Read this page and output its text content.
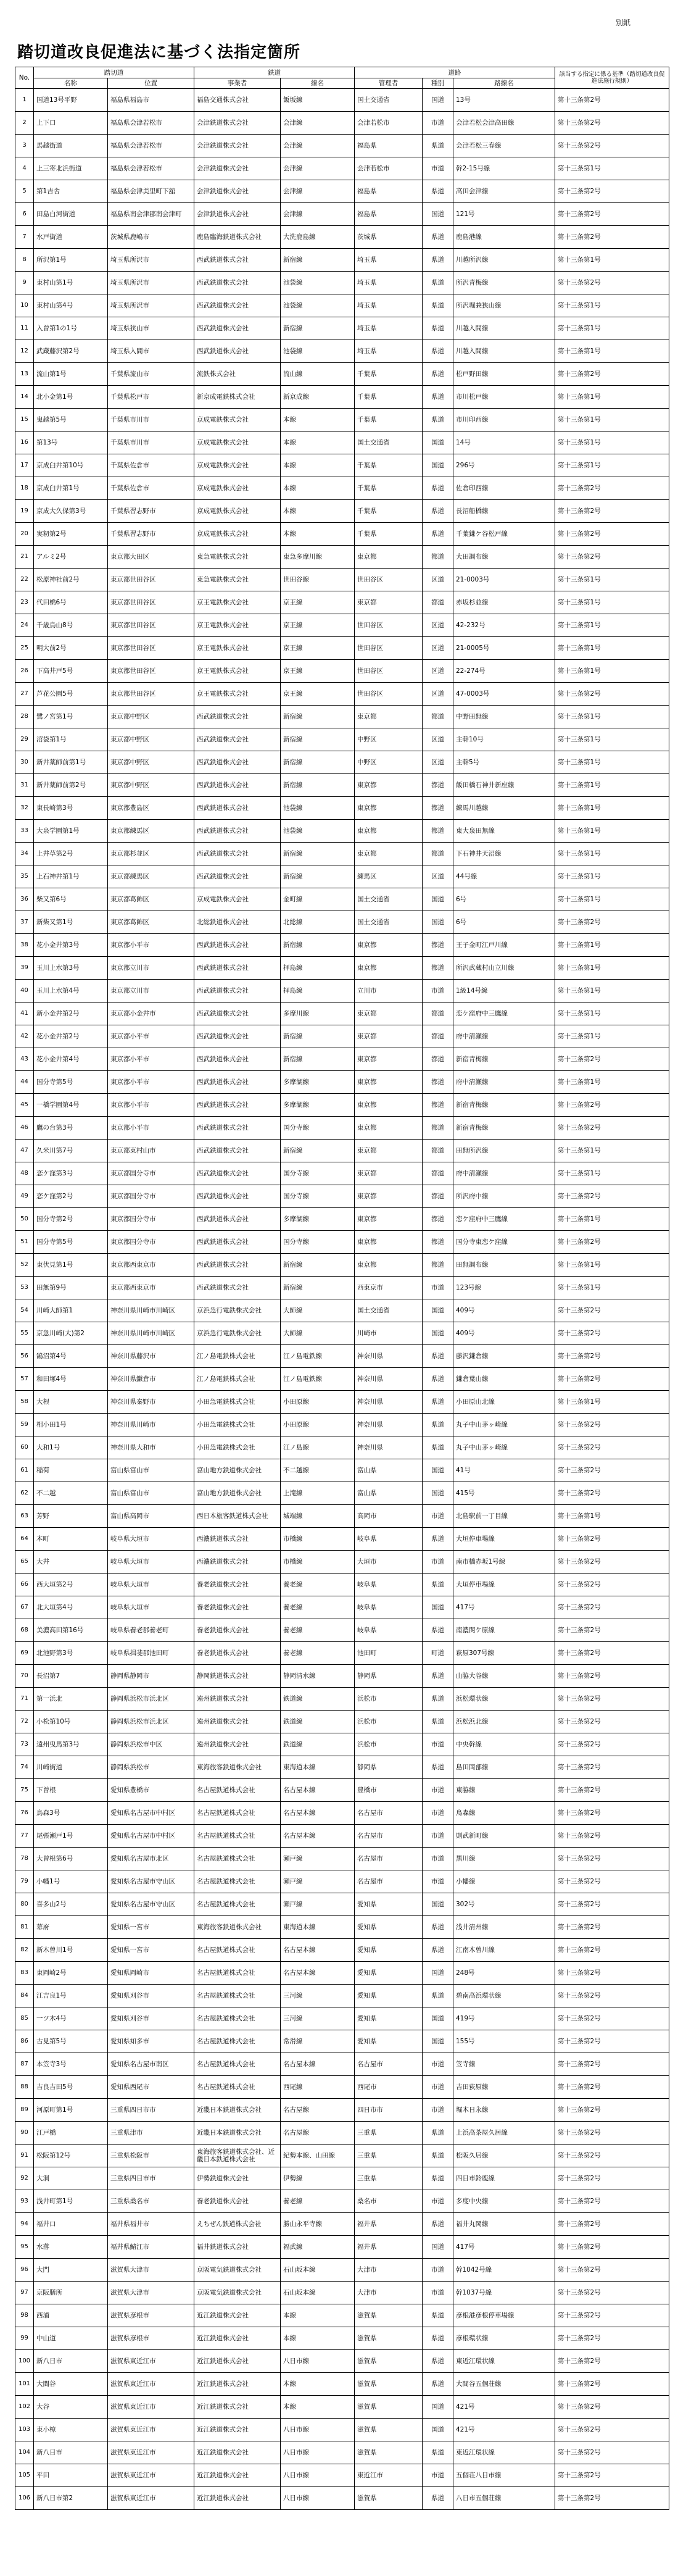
別紙
踏切道改良促進法に基づく法指定箇所
No.	踏切道		鉄道		道路			該当する指定に係る基準（踏切道改良促進法施行規則）
	名称	位置	事業者	線名	管理者	種別	路線名	
1	国道13号平野	福島県福島市	福島交通株式会社	飯坂線	国土交通省	国道	13号	第十三条第2号
2	上下口	福島県会津若松市	会津鉄道株式会社	会津線	会津若松市	市道	会津若松会津高田線	第十三条第2号
3	馬越街道	福島県会津若松市	会津鉄道株式会社	会津線	福島県	県道	会津若松三春線	第十三条第2号
4	上三寄北浜街道	福島県会津若松市	会津鉄道株式会社	会津線	会津若松市	市道	幹2-15号線	第十三条第1号
5	第1吉舎	福島県会津美里町下舘	会津鉄道株式会社	会津線	福島県	県道	高田会津線	第十三条第2号
6	田島白河街道	福島県南会津郡南会津町	会津鉄道株式会社	会津線	福島県	国道	121号	第十三条第2号
7	水戸街道	茨城県鹿嶋市	鹿島臨海鉄道株式会社	大洗鹿島線	茨城県	県道	鹿島港線	第十三条第2号
8	所沢第1号	埼玉県所沢市	西武鉄道株式会社	新宿線	埼玉県	県道	川越所沢線	第十三条第1号
9	東村山第1号	埼玉県所沢市	西武鉄道株式会社	池袋線	埼玉県	県道	所沢青梅線	第十三条第2号
10	東村山第4号	埼玉県所沢市	西武鉄道株式会社	池袋線	埼玉県	県道	所沢堀兼狭山線	第十三条第1号
11	入曽第1の1号	埼玉県狭山市	西武鉄道株式会社	新宿線	埼玉県	県道	川越入間線	第十三条第1号
12	武蔵藤沢第2号	埼玉県入間市	西武鉄道株式会社	池袋線	埼玉県	県道	川越入間線	第十三条第1号
13	流山第1号	千葉県流山市	流鉄株式会社	流山線	千葉県	県道	松戸野田線	第十三条第2号
14	北小金第1号	千葉県松戸市	新京成電鉄株式会社	新京成線	千葉県	県道	市川松戸線	第十三条第1号
15	鬼越第5号	千葉県市川市	京成電鉄株式会社	本線	千葉県	県道	市川印西線	第十三条第1号
16	第13号	千葉県市川市	京成電鉄株式会社	本線	国土交通省	国道	14号	第十三条第1号
17	京成臼井第10号	千葉県佐倉市	京成電鉄株式会社	本線	千葉県	国道	296号	第十三条第1号
18	京成臼井第1号	千葉県佐倉市	京成電鉄株式会社	本線	千葉県	県道	佐倉印西線	第十三条第2号
19	京成大久保第3号	千葉県習志野市	京成電鉄株式会社	本線	千葉県	県道	長沼船橋線	第十三条第2号
20	実籾第2号	千葉県習志野市	京成電鉄株式会社	本線	千葉県	県道	千葉鎌ケ谷松戸線	第十三条第2号
21	アルミ2号	東京都大田区	東急電鉄株式会社	東急多摩川線	東京都	都道	大田調布線	第十三条第2号
22	松原神社前2号	東京都世田谷区	東急電鉄株式会社	世田谷線	世田谷区	区道	21-0003号	第十三条第1号
23	代田橋6号	東京都世田谷区	京王電鉄株式会社	京王線	東京都	都道	赤坂杉並線	第十三条第1号
24	千歳烏山8号	東京都世田谷区	京王電鉄株式会社	京王線	世田谷区	区道	42-232号	第十三条第1号
25	明大前2号	東京都世田谷区	京王電鉄株式会社	京王線	世田谷区	区道	21-0005号	第十三条第1号
26	下高井戸5号	東京都世田谷区	京王電鉄株式会社	京王線	世田谷区	区道	22-274号	第十三条第1号
27	芦花公園5号	東京都世田谷区	京王電鉄株式会社	京王線	世田谷区	区道	47-0003号	第十三条第2号
28	鷺ノ宮第1号	東京都中野区	西武鉄道株式会社	新宿線	東京都	都道	中野田無線	第十三条第1号
29	沼袋第1号	東京都中野区	西武鉄道株式会社	新宿線	中野区	区道	主幹10号	第十三条第1号
30	新井薬師前第1号	東京都中野区	西武鉄道株式会社	新宿線	中野区	区道	主幹5号	第十三条第1号
31	新井薬師前第2号	東京都中野区	西武鉄道株式会社	新宿線	東京都	都道	飯田橋石神井新座線	第十三条第1号
32	東長崎第3号	東京都豊島区	西武鉄道株式会社	池袋線	東京都	都道	練馬川越線	第十三条第1号
33	大泉学園第1号	東京都練馬区	西武鉄道株式会社	池袋線	東京都	都道	東大泉田無線	第十三条第1号
34	上井草第2号	東京都杉並区	西武鉄道株式会社	新宿線	東京都	都道	下石神井天沼線	第十三条第1号
35	上石神井第1号	東京都練馬区	西武鉄道株式会社	新宿線	練馬区	区道	44号線	第十三条第1号
36	柴又第6号	東京都葛飾区	京成電鉄株式会社	金町線	国土交通省	国道	6号	第十三条第1号
37	新柴又第1号	東京都葛飾区	北総鉄道株式会社	北総線	国土交通省	国道	6号	第十三条第2号
38	花小金井第3号	東京都小平市	西武鉄道株式会社	新宿線	東京都	都道	王子金町江戸川線	第十三条第1号
39	玉川上水第3号	東京都立川市	西武鉄道株式会社	拝島線	東京都	都道	所沢武蔵村山立川線	第十三条第1号
40	玉川上水第4号	東京都立川市	西武鉄道株式会社	拝島線	立川市	市道	1級14号線	第十三条第1号
41	新小金井第2号	東京都小金井市	西武鉄道株式会社	多摩川線	東京都	都道	恋ケ窪府中三鷹線	第十三条第1号
42	花小金井第2号	東京都小平市	西武鉄道株式会社	新宿線	東京都	都道	府中清瀬線	第十三条第1号
43	花小金井第4号	東京都小平市	西武鉄道株式会社	新宿線	東京都	都道	新宿青梅線	第十三条第2号
44	国分寺第5号	東京都小平市	西武鉄道株式会社	多摩湖線	東京都	都道	府中清瀬線	第十三条第1号
45	一橋学園第4号	東京都小平市	西武鉄道株式会社	多摩湖線	東京都	都道	新宿青梅線	第十三条第2号
46	鷹の台第3号	東京都小平市	西武鉄道株式会社	国分寺線	東京都	都道	新宿青梅線	第十三条第2号
47	久米川第7号	東京都東村山市	西武鉄道株式会社	新宿線	東京都	都道	田無所沢線	第十三条第1号
48	恋ケ窪第3号	東京都国分寺市	西武鉄道株式会社	国分寺線	東京都	都道	府中清瀬線	第十三条第1号
49	恋ケ窪第2号	東京都国分寺市	西武鉄道株式会社	国分寺線	東京都	都道	所沢府中線	第十三条第2号
50	国分寺第2号	東京都国分寺市	西武鉄道株式会社	多摩湖線	東京都	都道	恋ケ窪府中三鷹線	第十三条第1号
51	国分寺第5号	東京都国分寺市	西武鉄道株式会社	国分寺線	東京都	都道	国分寺東恋ケ窪線	第十三条第2号
52	東伏見第1号	東京都西東京市	西武鉄道株式会社	新宿線	東京都	都道	田無調布線	第十三条第1号
53	田無第9号	東京都西東京市	西武鉄道株式会社	新宿線	西東京市	市道	123号線	第十三条第1号
54	川崎大師第1	神奈川県川崎市川崎区	京浜急行電鉄株式会社	大師線	国土交通省	国道	409号	第十三条第2号
55	京急川崎(大)第2	神奈川県川崎市川崎区	京浜急行電鉄株式会社	大師線	川崎市	国道	409号	第十三条第2号
56	鵠沼第4号	神奈川県藤沢市	江ノ島電鉄株式会社	江ノ島電鉄線	神奈川県	県道	藤沢鎌倉線	第十三条第2号
57	和田塚4号	神奈川県鎌倉市	江ノ島電鉄株式会社	江ノ島電鉄線	神奈川県	県道	鎌倉葉山線	第十三条第2号
58	大根	神奈川県秦野市	小田急電鉄株式会社	小田原線	神奈川県	県道	小田原山北線	第十三条第1号
59	相小田1号	神奈川県川崎市	小田急電鉄株式会社	小田原線	神奈川県	県道	丸子中山茅ヶ崎線	第十三条第2号
60	大和1号	神奈川県大和市	小田急電鉄株式会社	江ノ島線	神奈川県	県道	丸子中山茅ヶ崎線	第十三条第2号
61	稲荷	富山県富山市	富山地方鉄道株式会社	不二越線	富山県	国道	41号	第十三条第2号
62	不二越	富山県富山市	富山地方鉄道株式会社	上滝線	富山県	国道	415号	第十三条第2号
63	芳野	富山県高岡市	西日本旅客鉄道株式会社	城端線	高岡市	市道	北島駅前一丁目線	第十三条第1号
64	本町	岐阜県大垣市	西濃鉄道株式会社	市橋線	岐阜県	県道	大垣停車場線	第十三条第2号
65	大井	岐阜県大垣市	西濃鉄道株式会社	市橋線	大垣市	市道	南市橋赤坂1号線	第十三条第2号
66	西大垣第2号	岐阜県大垣市	養老鉄道株式会社	養老線	岐阜県	県道	大垣停車場線	第十三条第2号
67	北大垣第4号	岐阜県大垣市	養老鉄道株式会社	養老線	岐阜県	国道	417号	第十三条第2号
68	美濃高田第16号	岐阜県養老郡養老町	養老鉄道株式会社	養老線	岐阜県	県道	南濃関ケ原線	第十三条第2号
69	北池野第3号	岐阜県揖斐郡池田町	養老鉄道株式会社	養老線	池田町	町道	萩原307号線	第十三条第2号
70	長沼第7	静岡県静岡市	静岡鉄道株式会社	静岡清水線	静岡県	県道	山脇大谷線	第十三条第2号
71	第一浜北	静岡県浜松市浜北区	遠州鉄道株式会社	鉄道線	浜松市	県道	浜松環状線	第十三条第2号
72	小松第10号	静岡県浜松市浜北区	遠州鉄道株式会社	鉄道線	浜松市	県道	浜松浜北線	第十三条第2号
73	遠州曳馬第3号	静岡県浜松市中区	遠州鉄道株式会社	鉄道線	浜松市	市道	中央幹線	第十三条第2号
74	川崎街道	静岡県浜松市	東海旅客鉄道株式会社	東海道本線	静岡県	県道	島田岡部線	第十三条第2号
75	下曽根	愛知県豊橋市	名古屋鉄道株式会社	名古屋本線	豊橋市	市道	東脇線	第十三条第2号
76	烏森3号	愛知県名古屋市中村区	名古屋鉄道株式会社	名古屋本線	名古屋市	市道	烏森線	第十三条第2号
77	尾張瀬戸1号	愛知県名古屋市中村区	名古屋鉄道株式会社	名古屋本線	名古屋市	市道	則武新町線	第十三条第2号
78	大曽根第6号	愛知県名古屋市北区	名古屋鉄道株式会社	瀬戸線	名古屋市	市道	黒川線	第十三条第2号
79	小幡1号	愛知県名古屋市守山区	名古屋鉄道株式会社	瀬戸線	名古屋市	市道	小幡線	第十三条第2号
80	喜多山2号	愛知県名古屋市守山区	名古屋鉄道株式会社	瀬戸線	愛知県	国道	302号	第十三条第2号
81	幕府	愛知県一宮市	東海旅客鉄道株式会社	東海道本線	愛知県	県道	浅井清州線	第十三条第2号
82	新木曽川1号	愛知県一宮市	名古屋鉄道株式会社	名古屋本線	愛知県	県道	江南木曽川線	第十三条第2号
83	東岡崎2号	愛知県岡崎市	名古屋鉄道株式会社	名古屋本線	愛知県	国道	248号	第十三条第2号
84	江吉良1号	愛知県刈谷市	名古屋鉄道株式会社	三河線	愛知県	県道	碧南高浜環状線	第十三条第2号
85	一ツ木4号	愛知県刈谷市	名古屋鉄道株式会社	三河線	愛知県	国道	419号	第十三条第2号
86	古見第5号	愛知県知多市	名古屋鉄道株式会社	常滑線	愛知県	国道	155号	第十三条第2号
87	本笠寺3号	愛知県名古屋市南区	名古屋鉄道株式会社	名古屋本線	名古屋市	市道	笠寺線	第十三条第2号
88	吉良吉田5号	愛知県西尾市	名古屋鉄道株式会社	西尾線	西尾市	市道	吉田荻原線	第十三条第2号
89	河原町第1号	三重県四日市市	近畿日本鉄道株式会社	名古屋線	四日市市	市道	堀木日永線	第十三条第2号
90	江戸橋	三重県津市	近畿日本鉄道株式会社	名古屋線	三重県	県道	上浜高茶屋久居線	第十三条第2号
91	松阪第12号	三重県松阪市	東海旅客鉄道株式会社、近畿日本鉄道株式会社	紀勢本線、山田線	三重県	県道	松阪久居線	第十三条第2号
92	大洞	三重県四日市市	伊勢鉄道株式会社	伊勢線	三重県	県道	四日市鈴鹿線	第十三条第2号
93	浅井町第1号	三重県桑名市	養老鉄道株式会社	養老線	桑名市	市道	多度中央線	第十三条第2号
94	福井口	福井県福井市	えちぜん鉄道株式会社	勝山永平寺線	福井県	県道	福井丸岡線	第十三条第2号
95	水落	福井県鯖江市	福井鉄道株式会社	福武線	福井県	国道	417号	第十三条第2号
96	大門	滋賀県大津市	京阪電気鉄道株式会社	石山坂本線	大津市	市道	幹1042号線	第十三条第2号
97	京阪膳所	滋賀県大津市	京阪電気鉄道株式会社	石山坂本線	大津市	市道	幹1037号線	第十三条第2号
98	西浦	滋賀県彦根市	近江鉄道株式会社	本線	滋賀県	県道	彦根港彦根停車場線	第十三条第2号
99	中山道	滋賀県彦根市	近江鉄道株式会社	本線	滋賀県	県道	彦根環状線	第十三条第2号
100	新八日市	滋賀県東近江市	近江鉄道株式会社	八日市線	滋賀県	県道	東近江環状線	第十三条第2号
101	大間谷	滋賀県東近江市	近江鉄道株式会社	本線	滋賀県	県道	大間谷五個荘線	第十三条第2号
102	大谷	滋賀県東近江市	近江鉄道株式会社	本線	滋賀県	国道	421号	第十三条第2号
103	東小椋	滋賀県東近江市	近江鉄道株式会社	八日市線	滋賀県	国道	421号	第十三条第2号
104	新八日市	滋賀県東近江市	近江鉄道株式会社	八日市線	滋賀県	県道	東近江環状線	第十三条第2号
105	平田	滋賀県東近江市	近江鉄道株式会社	八日市線	東近江市	市道	五個荘八日市線	第十三条第2号
106	新八日市第2	滋賀県東近江市	近江鉄道株式会社	八日市線	滋賀県	県道	八日市五個荘線	第十三条第2号
